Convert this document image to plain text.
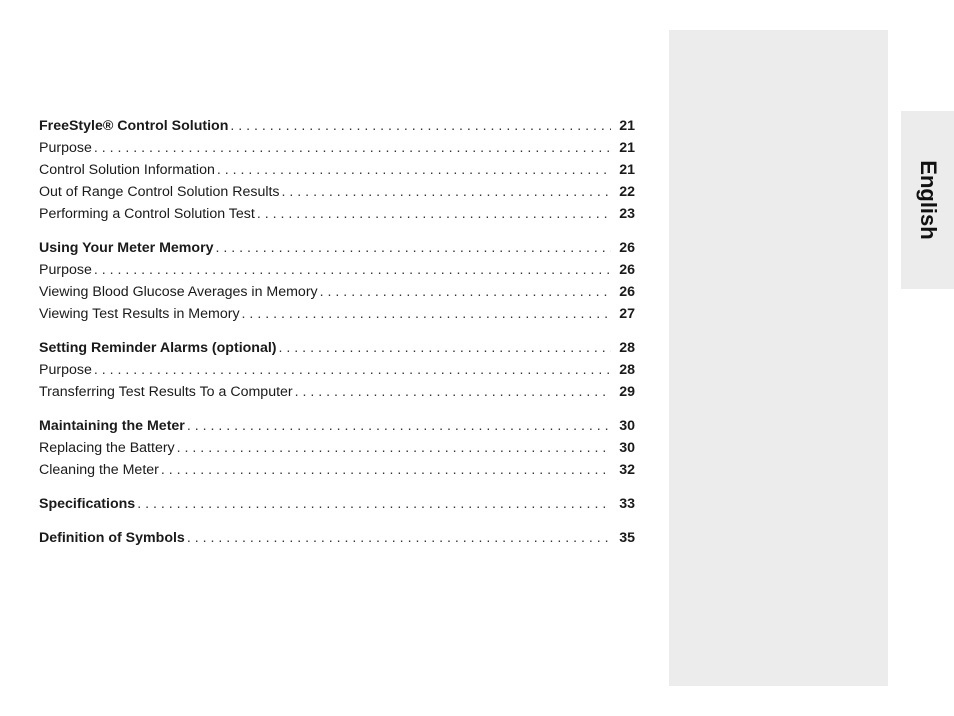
English
FreeStyle® Control Solution . . .	21
Purpose . . .	21
Control Solution Information . . .	21
Out of Range Control Solution Results . . .	22
Performing a Control Solution Test . . .	23
Using Your Meter Memory . . .	26
Purpose . . .	26
Viewing Blood Glucose Averages in Memory . . .	26
Viewing Test Results in Memory . . .	27
Setting Reminder Alarms (optional) . . .	28
Purpose . . .	28
Transferring Test Results To a Computer . . .	29
Maintaining the Meter . . .	30
Replacing the Battery . . .	30
Cleaning the Meter . . .	32
Specifications . . .	33
Definition of Symbols . . .	35
